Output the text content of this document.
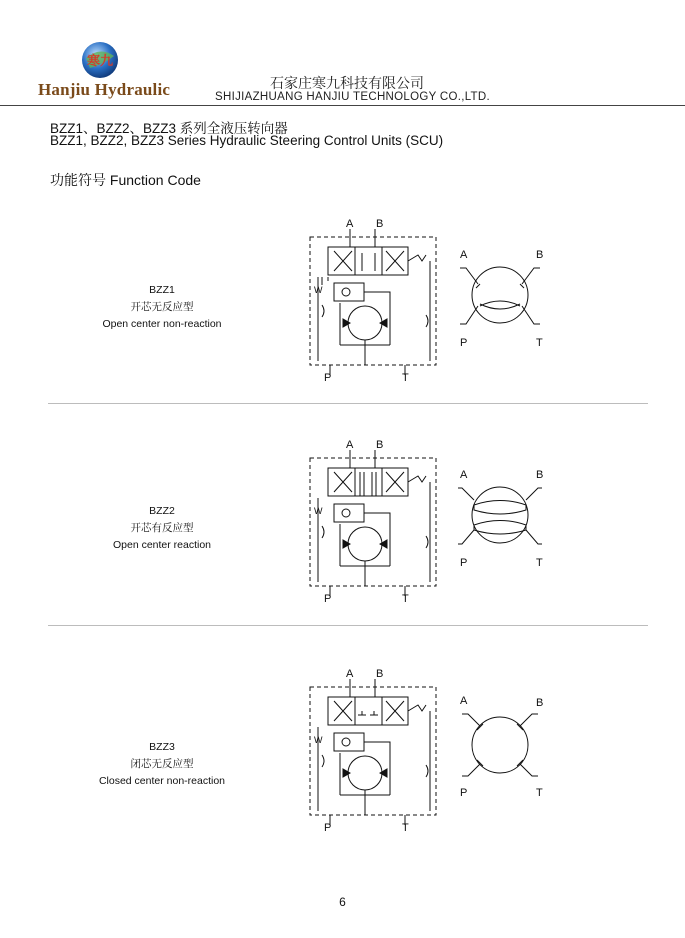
寒九
Hanjiu Hydraulic	石家庄寒九科技有限公司
SHIJIAZHUANG HANJIU TECHNOLOGY CO.,LTD.
BZZ1、BZZ2、BZZ3 系列全液压转向器
BZZ1, BZZ2, BZZ3 Series Hydraulic Steering Control Units (SCU)
功能符号 Function Code
BZZ1
开芯无反应型
Open center non-reaction
BZZ2
开芯有反应型
Open center reaction
BZZ3
闭芯无反应型
Closed center non-reaction
A B
W
P	T
A B
W
P	T
A B
W
P	T
A	B
P	T
A	B
P	T
A	B
P	T
6
